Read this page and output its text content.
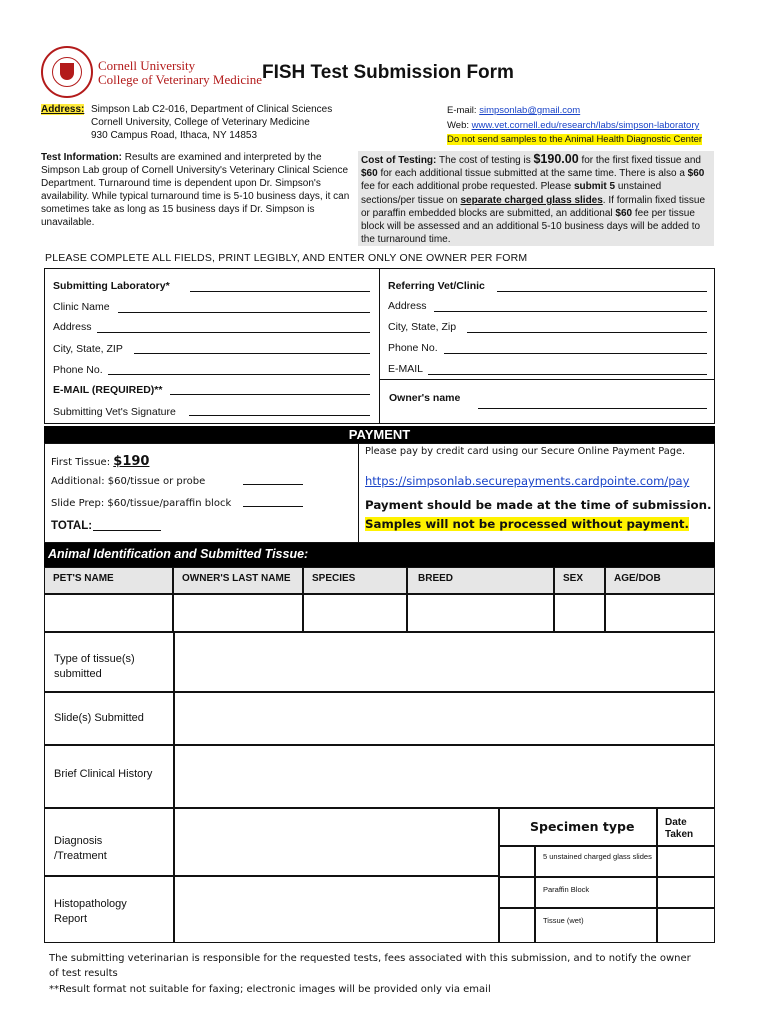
Cornell University
College of Veterinary Medicine FISH Test Submission Form
Address: Simpson Lab C2-016, Department of Clinical Sciences
Cornell University, College of Veterinary Medicine
930 Campus Road, Ithaca, NY 14853
E-mail: simpsonlab@gmail.com
Web: www.vet.cornell.edu/research/labs/simpson-laboratory
Do not send samples to the Animal Health Diagnostic Center
Test Information: Results are examined and interpreted by the Simpson Lab group of Cornell University's Veterinary Clinical Science Department. Turnaround time is dependent upon Dr. Simpson's availability. While typical turnaround time is 5-10 business days, it can sometimes take as long as 15 business days if Dr. Simpson is unavailable.
Cost of Testing: The cost of testing is $190.00 for the first fixed tissue and $60 for each additional tissue submitted at the same time. There is also a $60 fee for each additional probe requested. Please submit 5 unstained sections/per tissue on separate charged glass slides. If formalin fixed tissue or paraffin embedded blocks are submitted, an additional $60 fee per tissue block will be assessed and an additional 5-10 business days will be added to the turnaround time.
PLEASE COMPLETE ALL FIELDS, PRINT LEGIBLY, AND ENTER ONLY ONE OWNER PER FORM
Submitting Laboratory*
Clinic Name
Address
City, State, ZIP
Phone No.
E-MAIL (REQUIRED)**
Submitting Vet's Signature
Referring Vet/Clinic
Address
City, State, Zip
Phone No.
E-MAIL
Owner's name
PAYMENT
First Tissue: $190
Additional: $60/tissue or probe
Slide Prep: $60/tissue/paraffin block
TOTAL:
Please pay by credit card using our Secure Online Payment Page.
https://simpsonlab.securepayments.cardpointe.com/pay
Payment should be made at the time of submission.
Samples will not be processed without payment.
Animal Identification and Submitted Tissue:
PET'S NAME	OWNER'S LAST NAME	SPECIES	BREED	SEX	AGE/DOB
Type of tissue(s) submitted
Slide(s) Submitted
Brief Clinical History
Diagnosis /Treatment
Histopathology Report
Specimen type	Date Taken
5 unstained charged glass slides
Paraffin Block
Tissue (wet)
The submitting veterinarian is responsible for the requested tests, fees associated with this submission, and to notify the owner
of test results
**Result format not suitable for faxing; electronic images will be provided only via email
